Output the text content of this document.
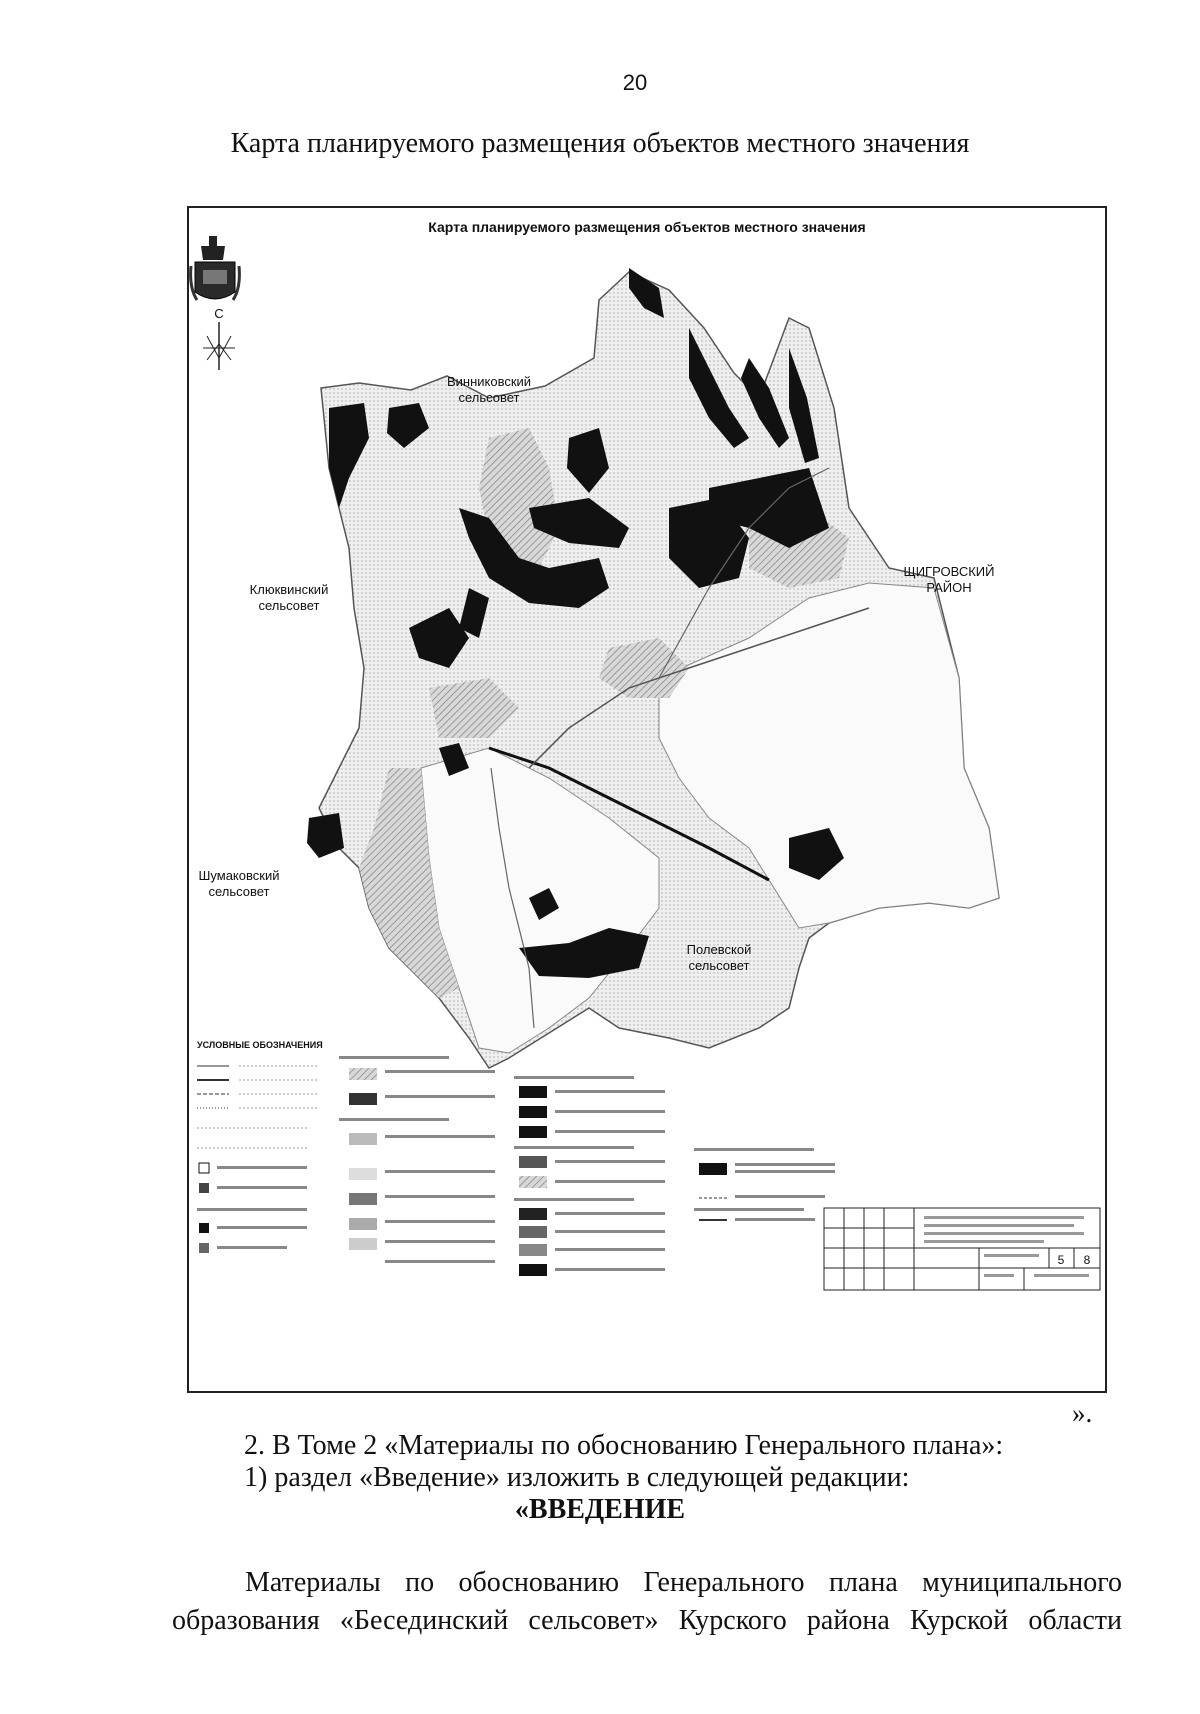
20
Карта планируемого размещения объектов местного значения
Карта планируемого размещения объектов местного значения
С
Винниковский
сельсовет
Клюквинский
сельсовет
ЩИГРОВСКИЙ
РАЙОН
Шумаковский
сельсовет
Полевской
сельсовет
УСЛОВНЫЕ ОБОЗНАЧЕНИЯ
5 8
».
2. В Томе 2 «Материалы по обоснованию Генерального плана»:
1) раздел «Введение» изложить в следующей редакции:
«ВВЕДЕНИЕ
Материалы по обоснованию Генерального плана муниципального
образования «Бесединский сельсовет» Курского района Курской области
